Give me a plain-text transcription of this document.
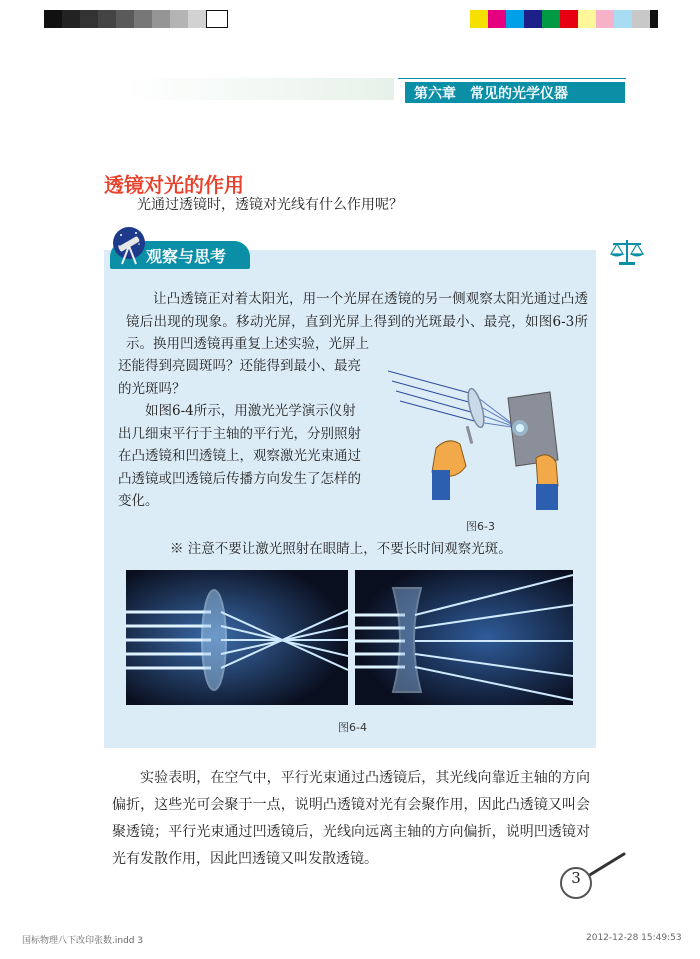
第六章　常见的光学仪器
透镜对光的作用
光通过透镜时，透镜对光线有什么作用呢？
观察与思考
让凸透镜正对着太阳光，用一个光屏在透镜的另一侧观察太阳光通过凸透镜后出现的现象。移动光屏，直到光屏上得到的光斑最小、最亮，如图6-3所示。换用凹透镜再重复上述实验，光屏上
还能得到亮圆斑吗？还能得到最小、最亮的光斑吗？
如图6-4所示，用激光光学演示仪射出几细束平行于主轴的平行光，分别照射在凸透镜和凹透镜上，观察激光光束通过凸透镜或凹透镜后传播方向发生了怎样的变化。
图6-3
※ 注意不要让激光照射在眼睛上，不要长时间观察光斑。
图6-4
实验表明，在空气中，平行光束通过凸透镜后，其光线向靠近主轴的方向偏折，这些光可会聚于一点，说明凸透镜对光有会聚作用，因此凸透镜又叫会聚透镜；平行光束通过凹透镜后，光线向远离主轴的方向偏折，说明凹透镜对光有发散作用，因此凹透镜又叫发散透镜。
3
国标物理八下改印张数.indd 3	2012-12-28 15:49:53
